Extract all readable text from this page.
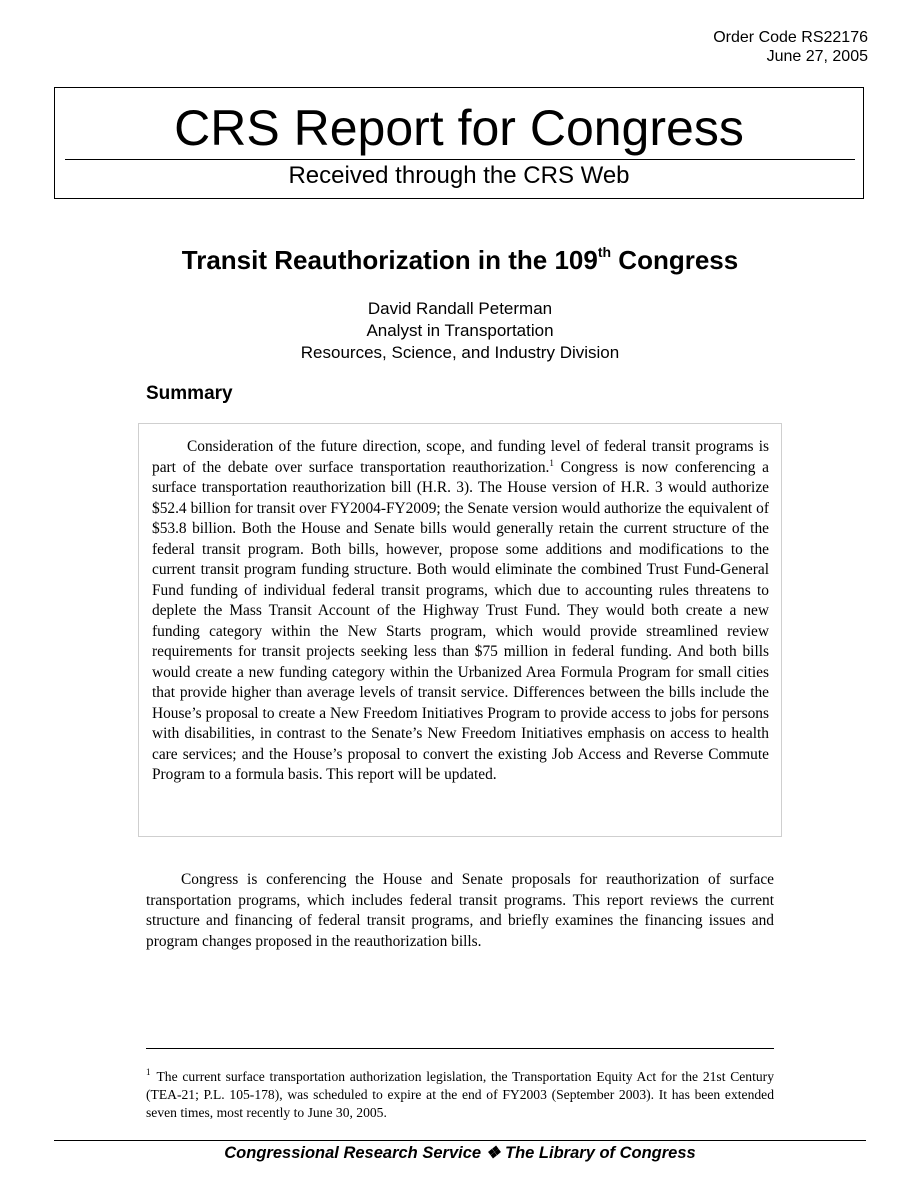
Order Code RS22176
June 27, 2005
CRS Report for Congress
Received through the CRS Web
Transit Reauthorization in the 109th Congress
David Randall Peterman
Analyst in Transportation
Resources, Science, and Industry Division
Summary

Consideration of the future direction, scope, and funding level of federal transit programs is part of the debate over surface transportation reauthorization.$^1$ Congress is now conferencing a surface transportation reauthorization bill (H.R. 3). The House version of H.R. 3 would authorize $52.4 billion for transit over FY2004-FY2009; the Senate version would authorize the equivalent of $53.8 billion. Both the House and Senate bills would generally retain the current structure of the federal transit program. Both bills, however, propose some additions and modifications to the current transit program funding structure. Both would eliminate the combined Trust Fund-General Fund funding of individual federal transit programs, which due to accounting rules threatens to deplete the Mass Transit Account of the Highway Trust Fund. They would both create a new funding category within the New Starts program, which would provide streamlined review requirements for transit projects seeking less than $75 million in federal funding. And both bills would create a new funding category within the Urbanized Area Formula Program for small cities that provide higher than average levels of transit service. Differences between the bills include the House’s proposal to create a New Freedom Initiatives Program to provide access to jobs for persons with disabilities, in contrast to the Senate’s New Freedom Initiatives emphasis on access to health care services; and the House’s proposal to convert the existing Job Access and Reverse Commute Program to a formula basis. This report will be updated.

Congress is conferencing the House and Senate proposals for reauthorization of surface transportation programs, which includes federal transit programs. This report reviews the current structure and financing of federal transit programs, and briefly examines the financing issues and program changes proposed in the reauthorization bills.

$^1$ The current surface transportation authorization legislation, the Transportation Equity Act for the 21st Century (TEA-21; P.L. 105-178), was scheduled to expire at the end of FY2003 (September 2003). It has been extended seven times, most recently to June 30, 2005.

Congressional Research Service ❖ The Library of Congress
